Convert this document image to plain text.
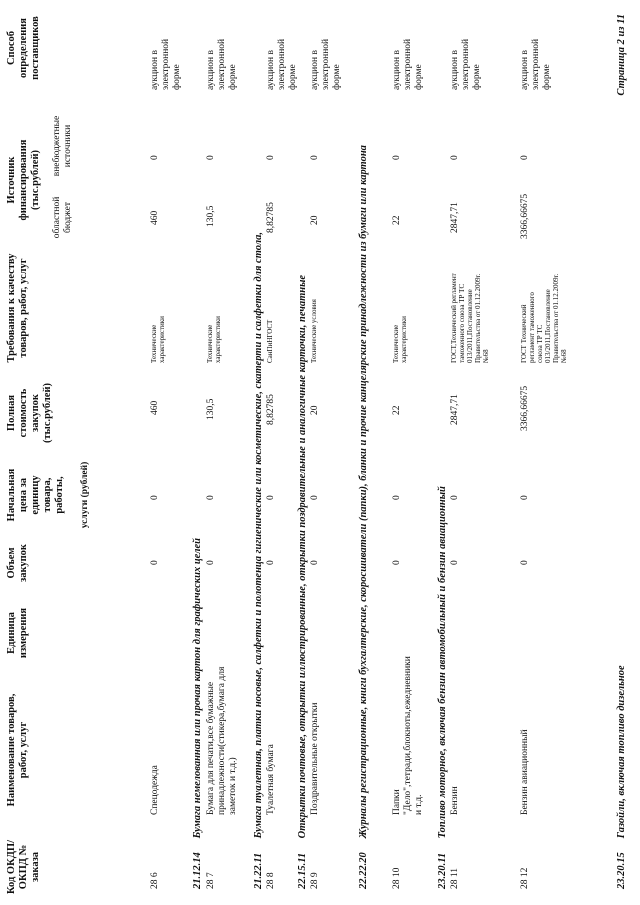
Код ОКДП/ ОКПД № заказа
Наименование товаров, работ, услуг
Единица измерения
Объем закупок
Начальная цена за единицу товара, работы, услуги (рублей)
Полная стоимость закупок (тыс.рублей)
Требования к качеству товаров, работ, услуг
Источник финансирования (тыс.рублей)
областной бюджет
внебюджетные источники
Способ определения поставщиков
28 6
Спецодежда
0
0
460
Технические характеристики
460
0
аукцион в электронной форме
21.12.14 Бумага немелованная или прочая картон для графических целей
28 7
Бумага для печати,все бумажные принадлежности(стикера,бумага для заметок и т.д.)
0
0
130,5
Технические характеристики
130,5
0
аукцион в электронной форме
21.22.11 Бумага туалетная, платки носовые, салфетки и полотенца гигиенические или косметические, скатерти и салфетки для стола,
28 8
Туалетная бумага
0
0
8,82785
СанПиНГОСТ
8,82785
0
аукцион в электронной форме
22.15.11 Открытки почтовые, открытки иллюстрированные, открытки поздравительные и аналогичные карточки, печатные
28 9
Поздравительные открытки
0
0
20
Технические условия
20
0
аукцион в электронной форме
22.22.20 Журналы регистрационные, книги бухгалтерские, скоросшиватели (папки), бланки и прочие канцелярские принадлежности из бумаги или картона
28 10
Папки "Дело",тетради,блокноты,ежедневники и т.д.
0
0
22
Технические характеристики
22
0
аукцион в электронной форме
23.20.11 Топливо моторное, включая бензин автомобильный и бензин авиационный
28 11
Бензин
0
0
2847,71
ГОСТ,Технический регламент таможенного союза ТР ТС 013/2011,Постановление Правительства от 01.12.2009г.№68
2847,71
0
аукцион в электронной форме
28 12
Бензин авиационный
0
0
3366,66675
ГОСТ Технический регламент таможенного союза ТР ТС 013/2011,Постановление Правительства от 01.12.2009г.№68
3366,66675
0
аукцион в электронной форме
23.20.15 Газойли, включая топливо дизельное
Страница 2 из 11
